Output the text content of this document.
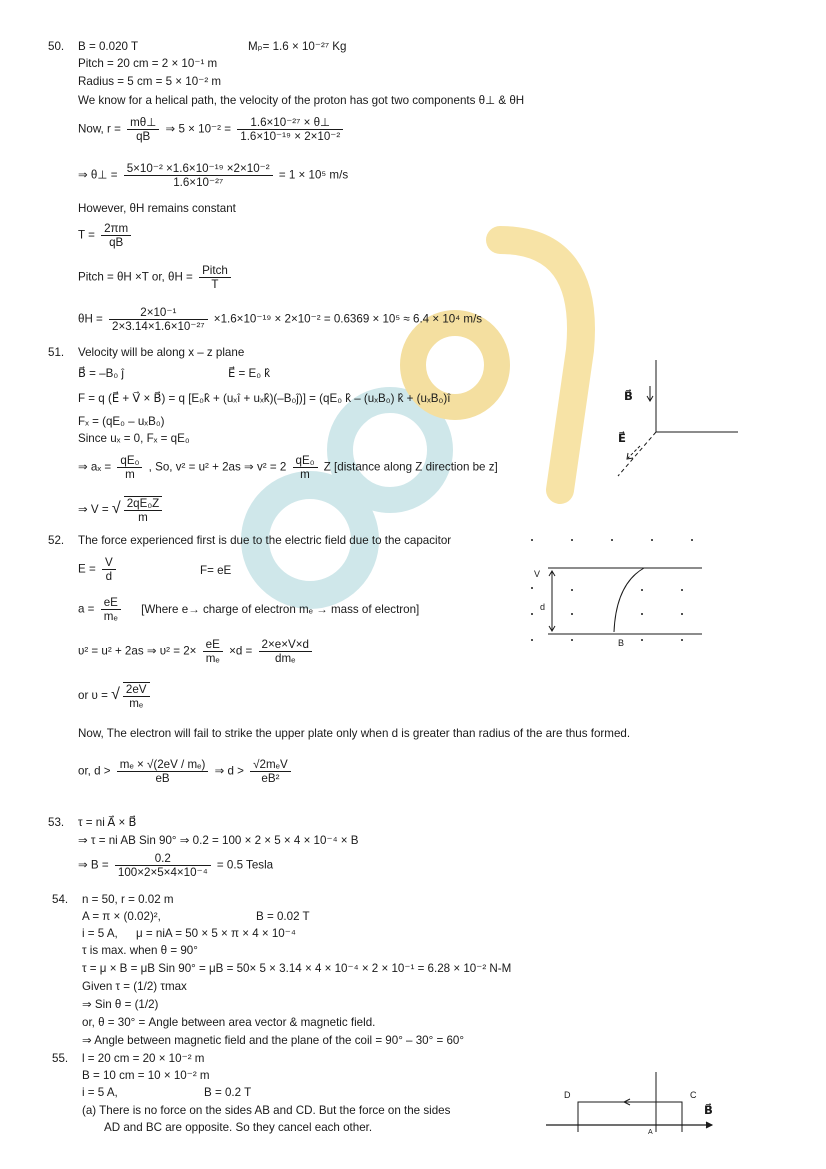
50. B = 0.020 T	Mₚ= 1.6 × 10⁻²⁷ Kg
Pitch = 20 cm = 2 × 10⁻¹ m
Radius = 5 cm = 5 × 10⁻² m
We know for a helical path, the velocity of the proton has got two components θ⊥ & θH
Now, $r = \frac{m\theta\perp}{qB}$ ⇒ $5 \times 10^{-2} = \frac{\text{1.6×10⁻²⁷ × θ⊥}}{\text{1.6×10⁻¹⁹ × 2×10⁻²}}$
⇒ θ⊥ = $\frac{\text{5×10⁻² ×1.6×10⁻¹⁹ ×2×10⁻²}}{\text{1.6×10⁻²⁷}} = 1 \times 10^5$ m/s
However, θH remains constant
$T = \frac{2\pi m}{qB}$
Pitch = θH ×T or, $\theta H = \frac{\text{Pitch}}{T}$
$\theta H = \frac{\text{2×10⁻¹}}{\text{2×3.14×1.6×10⁻²⁷}} \times 1.6\times 10^{-19} \times 2\times 10^{-2} = 0.6369 \times 10^5 \approx 6.4 \times 10^4$ m/s
51. Velocity will be along x – z plane
B⃗ = –B₀ ĵ	E⃗ = E₀ k̂
F = q (E⃗ + V⃗ × B⃗) = q [E₀k̂ + (uₓî + uₓk̂)(–B₀ĵ)] = (qE₀ k̂ – (uₓB₀) k̂ + (uₓB₀)î
Fₓ = (qE₀ – uₓB₀)
Since uₓ = 0, Fₓ = qE₀
⇒ $a_x = \frac{\text{qE₀}}{m}$ , So, v² = u² + 2as ⇒ $v^2 = 2 \frac{\text{qE₀}}{m}$ Z [distance along Z direction be z]
⇒ V = √ $\frac{\text{2qE₀Z}}{m}$
B⃗
E⃗
52. The force experienced first is due to the electric field due to the capacitor
$E = \frac{V}{d}$	F= eE
$a = \frac{eE}{\text{mₑ}}$ [Where e→ charge of electron mₑ → mass of electron]
υ² = u² + 2as ⇒ $\upsilon^2 = 2\times \frac{eE}{\text{mₑ}} \times d = \frac{2\times e\times V\times d}{\text{dmₑ}}$
or υ = √ $\frac{2eV}{\text{mₑ}}$
Now, The electron will fail to strike the upper plate only when d is greater than radius of the are thus formed.
or, $d > \frac{\text{mₑ × √(2eV / mₑ)}}{eB}$ ⇒ $d > \frac{\text{√2mₑV}}{\text{eB²}}$
V
d
B
53. τ = ni A⃗ × B⃗
⇒ τ = ni AB Sin 90° ⇒ 0.2 = 100 × 2 × 5 × 4 × 10⁻⁴ × B
⇒ $B = \frac{0.2}{\text{100×2×5×4×10⁻⁴}} = 0.5$ Tesla
54. n = 50, r = 0.02 m
A = π × (0.02)²,	B = 0.02 T
i = 5 A, μ = niA = 50 × 5 × π × 4 × 10⁻⁴
τ is max. when θ = 90°
τ = μ × B = μB Sin 90° = μB = 50× 5 × 3.14 × 4 × 10⁻⁴ × 2 × 10⁻¹ = 6.28 × 10⁻² N-M
Given τ = (1/2) τmax
⇒ Sin θ = (1/2)
or, θ = 30° = Angle between area vector & magnetic field.
⇒ Angle between magnetic field and the plane of the coil = 90° – 30° = 60°
55. l = 20 cm = 20 × 10⁻² m
B = 10 cm = 10 × 10⁻² m
i = 5 A,	B = 0.2 T
(a) There is no force on the sides AB and CD. But the force on the sides
AD and BC are opposite. So they cancel each other.
D	C
A
B⃗
